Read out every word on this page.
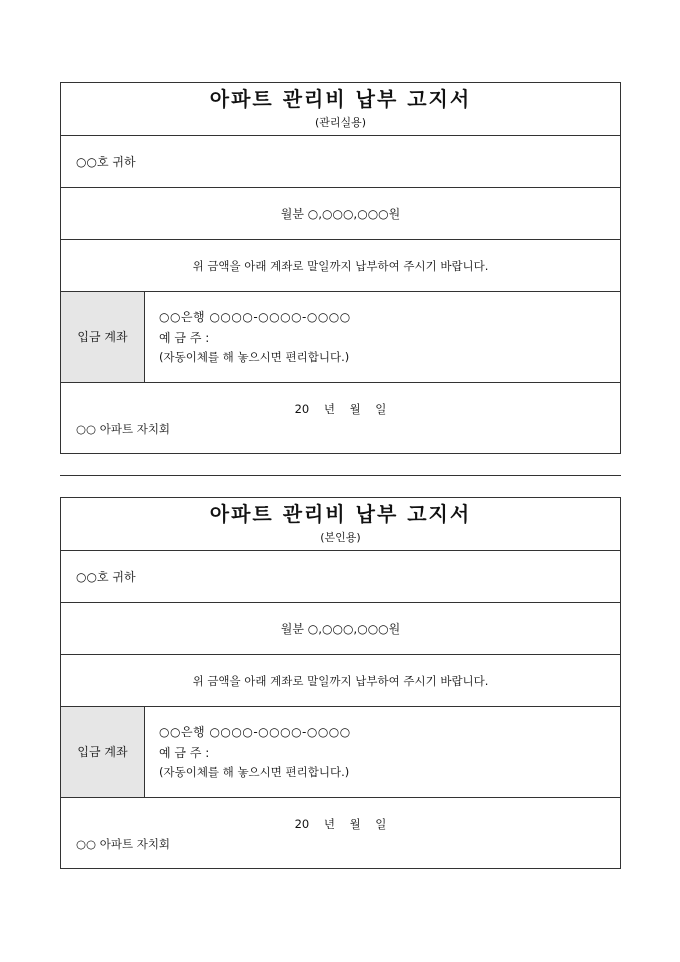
아파트 관리비 납부 고지서
(관리실용)
○○호 귀하
월분 ○,○○○,○○○원
위 금액을 아래 계좌로 말일까지 납부하여 주시기 바랍니다.
입금 계좌
○○은행 ○○○○-○○○○-○○○○
예 금 주 :
(자동이체를 해 놓으시면 편리합니다.)
20    년    월    일
○○ 아파트 자치회
아파트 관리비 납부 고지서
(본인용)
○○호 귀하
월분 ○,○○○,○○○원
위 금액을 아래 계좌로 말일까지 납부하여 주시기 바랍니다.
입금 계좌
○○은행 ○○○○-○○○○-○○○○
예 금 주 :
(자동이체를 해 놓으시면 편리합니다.)
20    년    월    일
○○ 아파트 자치회
